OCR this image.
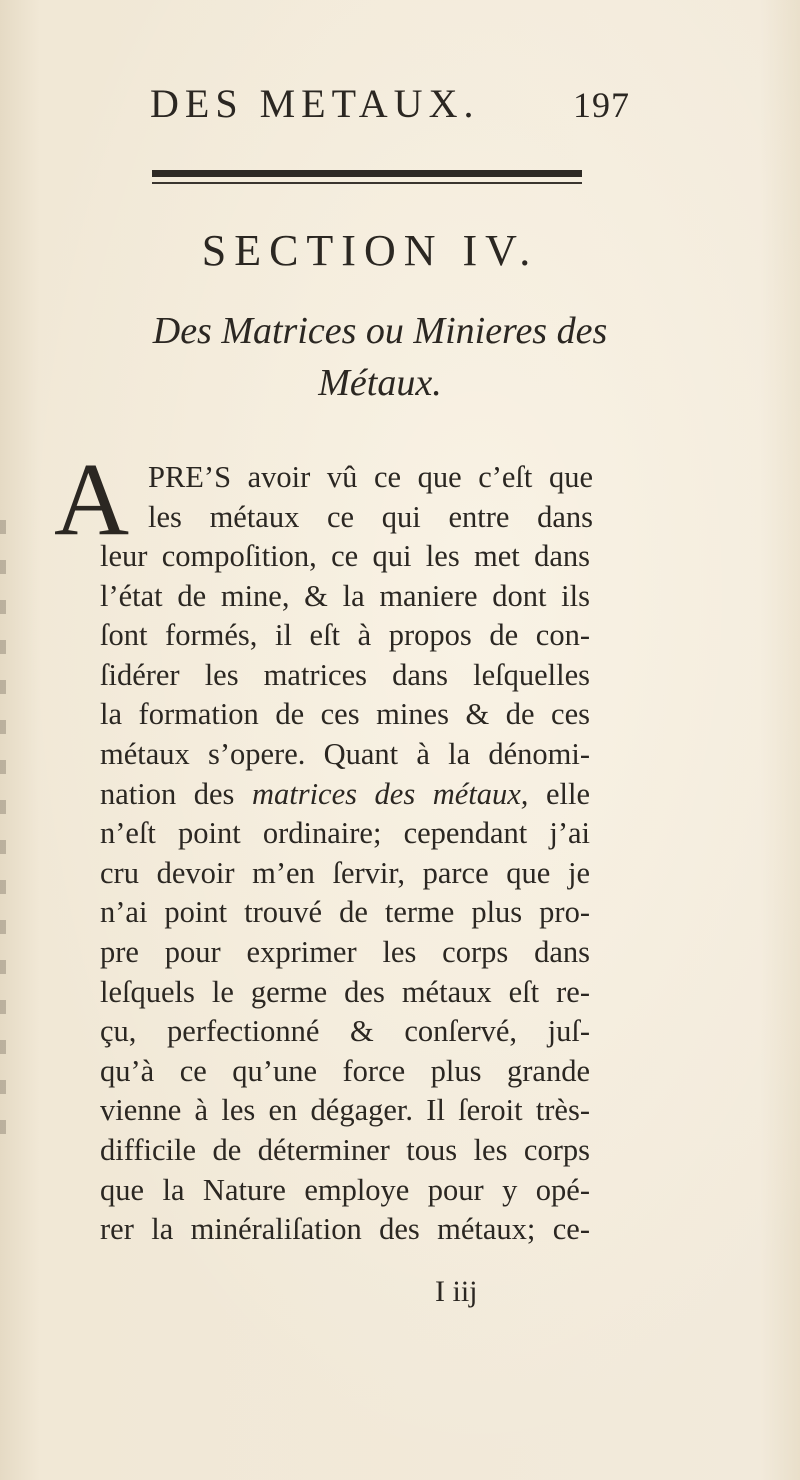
DES METAUX.	197
SECTION IV.
Des Matrices ou Minieres des
Métaux.
A PRE’S avoir vû ce que c’eſt que
les métaux ce qui entre dans
leur compoſition, ce qui les met dans
l’état de mine, & la maniere dont ils
ſont formés, il eſt à propos de con-
ſidérer les matrices dans leſquelles
la formation de ces mines & de ces
métaux s’opere. Quant à la dénomi-
nation des matrices des métaux, elle
n’eſt point ordinaire; cependant j’ai
cru devoir m’en ſervir, parce que je
n’ai point trouvé de terme plus pro-
pre pour exprimer les corps dans
leſquels le germe des métaux eſt re-
çu, perfectionné & conſervé, juſ-
qu’à ce qu’une force plus grande
vienne à les en dégager. Il ſeroit très-
difficile de déterminer tous les corps
que la Nature employe pour y opé-
rer la minéraliſation des métaux; ce-
I iij
